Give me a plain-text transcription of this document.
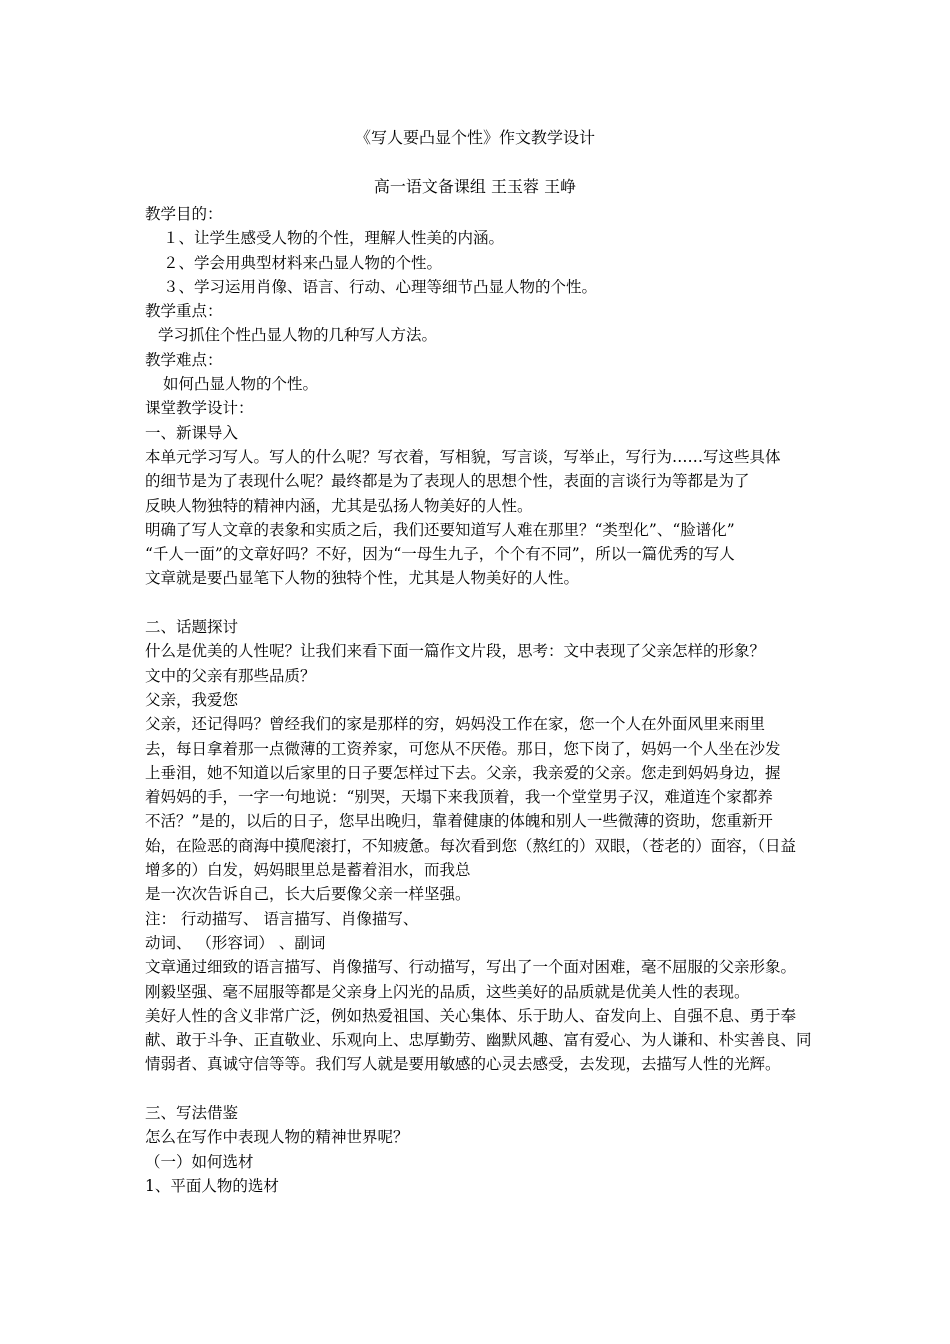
《写人要凸显个性》作文教学设计
高一语文备课组 王玉蓉 王峥
教学目的：
１、让学生感受人物的个性，理解人性美的内涵。
２、学会用典型材料来凸显人物的个性。
３、学习运用肖像、语言、行动、心理等细节凸显人物的个性。
教学重点：
学习抓住个性凸显人物的几种写人方法。
教学难点：
如何凸显人物的个性。
课堂教学设计：
一、新课导入
本单元学习写人。写人的什么呢？写衣着，写相貌，写言谈，写举止，写行为……写这些具体
的细节是为了表现什么呢？最终都是为了表现人的思想个性，表面的言谈行为等都是为了
反映人物独特的精神内涵，尤其是弘扬人物美好的人性。
明确了写人文章的表象和实质之后，我们还要知道写人难在那里？“类型化”、“脸谱化”
“千人一面”的文章好吗？不好，因为“一母生九子，个个有不同”，所以一篇优秀的写人
文章就是要凸显笔下人物的独特个性，尤其是人物美好的人性。
二、话题探讨
什么是优美的人性呢？让我们来看下面一篇作文片段，思考：文中表现了父亲怎样的形象？
文中的父亲有那些品质？
父亲，我爱您
父亲，还记得吗？曾经我们的家是那样的穷，妈妈没工作在家，您一个人在外面风里来雨里
去，每日拿着那一点微薄的工资养家，可您从不厌倦。那日，您下岗了，妈妈一个人坐在沙发
上垂泪，她不知道以后家里的日子要怎样过下去。父亲，我亲爱的父亲。您走到妈妈身边，握
着妈妈的手，一字一句地说：“别哭，天塌下来我顶着，我一个堂堂男子汉，难道连个家都养
不活？”是的，以后的日子，您早出晚归，靠着健康的体魄和别人一些微薄的资助，您重新开
始，在险恶的商海中摸爬滚打，不知疲惫。每次看到您（熬红的）双眼，（苍老的）面容，（日益
增多的）白发，妈妈眼里总是蓄着泪水，而我总
是一次次告诉自己，长大后要像父亲一样坚强。
注： 行动描写、 语言描写、肖像描写、
动词、 （形容词） 、副词
文章通过细致的语言描写、肖像描写、行动描写，写出了一个面对困难，毫不屈服的父亲形象。
刚毅坚强、毫不屈服等都是父亲身上闪光的品质，这些美好的品质就是优美人性的表现。
美好人性的含义非常广泛，例如热爱祖国、关心集体、乐于助人、奋发向上、自强不息、勇于奉
献、敢于斗争、正直敬业、乐观向上、忠厚勤劳、幽默风趣、富有爱心、为人谦和、朴实善良、同
情弱者、真诚守信等等。我们写人就是要用敏感的心灵去感受，去发现，去描写人性的光辉。
三、写法借鉴
怎么在写作中表现人物的精神世界呢？
（一）如何选材
1、平面人物的选材
